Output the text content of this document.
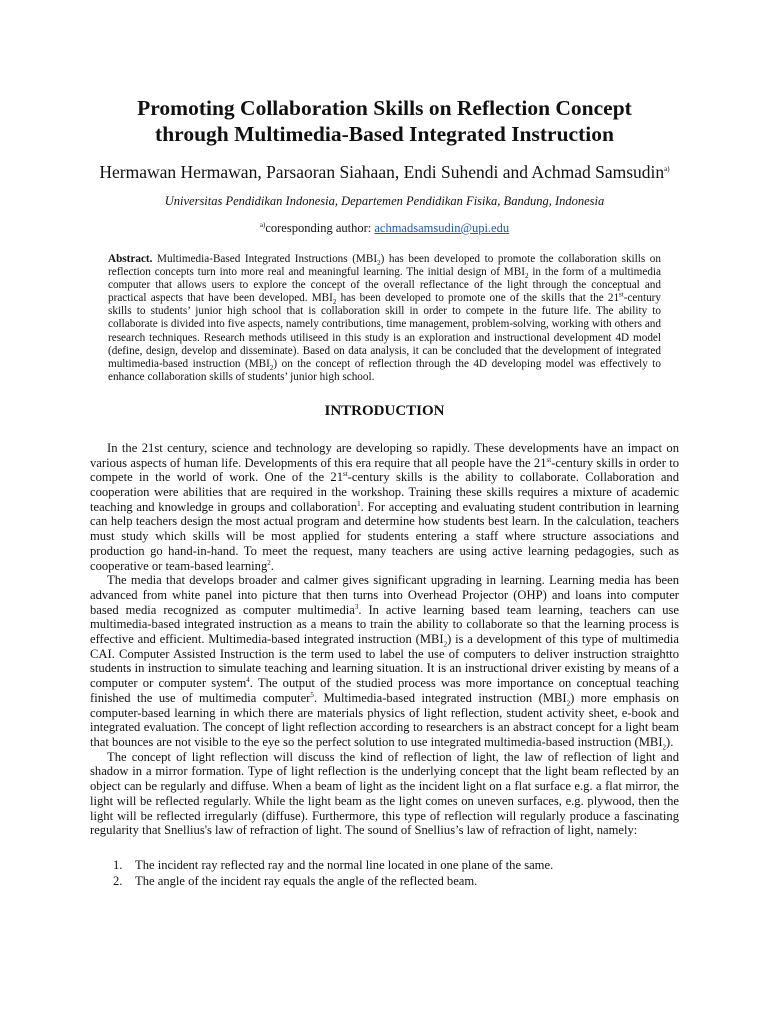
Promoting Collaboration Skills on Reflection Concept
through Multimedia-Based Integrated Instruction

Hermawan Hermawan, Parsaoran Siahaan, Endi Suhendi and Achmad Samsudin$^{a)}$

Universitas Pendidikan Indonesia, Departemen Pendidikan Fisika, Bandung, Indonesia

$^{a)}$coresponding author: achmadsamsudin@upi.edu

Abstract. Multimedia-Based Integrated Instructions $(MBI_2)$ has been developed to promote the collaboration skills on reflection concepts turn into more real and meaningful learning. The initial design of $MBI_2$ in the form of a multimedia computer that allows users to explore the concept of the overall reflectance of the light through the conceptual and practical aspects that have been developed. $MBI_2$ has been developed to promote one of the skills that the 21st-century skills to students’ junior high school that is collaboration skill in order to compete in the future life. The ability to collaborate is divided into five aspects, namely contributions, time management, problem-solving, working with others and research techniques. Research methods utiliseed in this study is an exploration and instructional development 4D model (define, design, develop and disseminate). Based on data analysis, it can be concluded that the development of integrated multimedia-based instruction $(MBI_2)$ on the concept of reflection through the 4D developing model was effectively to enhance collaboration skills of students’ junior high school.

INTRODUCTION

In the 21st century, science and technology are developing so rapidly. These developments have an impact on various aspects of human life. Developments of this era require that all people have the 21st-century skills in order to compete in the world of work. One of the 21st-century skills is the ability to collaborate. Collaboration and cooperation were abilities that are required in the workshop. Training these skills requires a mixture of academic teaching and knowledge in groups and collaboration$^1$. For accepting and evaluating student contribution in learning can help teachers design the most actual program and determine how students best learn. In the calculation, teachers must study which skills will be most applied for students entering a staff where structure associations and production go hand-in-hand. To meet the request, many teachers are using active learning pedagogies, such as cooperative or team-based learning$^2$.

The media that develops broader and calmer gives significant upgrading in learning. Learning media has been advanced from white panel into picture that then turns into Overhead Projector (OHP) and loans into computer based media recognized as computer multimedia$^3$. In active learning based team learning, teachers can use multimedia-based integrated instruction as a means to train the ability to collaborate so that the learning process is effective and efficient. Multimedia-based integrated instruction $(MBI_2)$ is a development of this type of multimedia CAI. Computer Assisted Instruction is the term used to label the use of computers to deliver instruction straightto students in instruction to simulate teaching and learning situation. It is an instructional driver existing by means of a computer or computer system$^4$. The output of the studied process was more importance on conceptual teaching finished the use of multimedia computer$^5$. Multimedia-based integrated instruction $(MBI_2)$ more emphasis on computer-based learning in which there are materials physics of light reflection, student activity sheet, e-book and integrated evaluation. The concept of light reflection according to researchers is an abstract concept for a light beam that bounces are not visible to the eye so the perfect solution to use integrated multimedia-based instruction $(MBI_2)$.

The concept of light reflection will discuss the kind of reflection of light, the law of reflection of light and shadow in a mirror formation. Type of light reflection is the underlying concept that the light beam reflected by an object can be regularly and diffuse. When a beam of light as the incident light on a flat surface e.g. a flat mirror, the light will be reflected regularly. While the light beam as the light comes on uneven surfaces, e.g. plywood, then the light will be reflected irregularly (diffuse). Furthermore, this type of reflection will regularly produce a fascinating regularity that Snellius's law of refraction of light. The sound of Snellius’s law of refraction of light, namely:

1. The incident ray reflected ray and the normal line located in one plane of the same.
2. The angle of the incident ray equals the angle of the reflected beam.
